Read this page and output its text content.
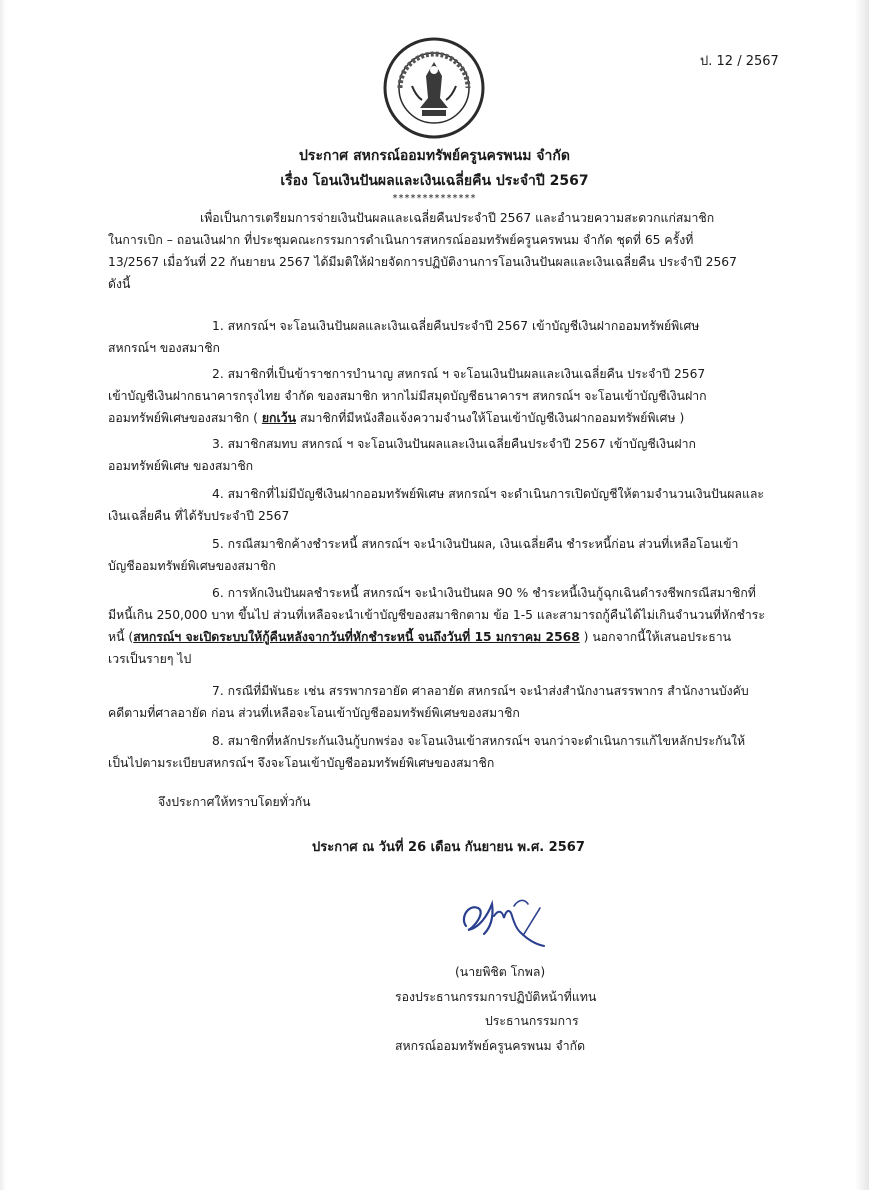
ป. 12 / 2567
ประกาศ สหกรณ์ออมทรัพย์ครูนครพนม จำกัด
เรื่อง โอนเงินปันผลและเงินเฉลี่ยคืน ประจำปี 2567
**************
เพื่อเป็นการเตรียมการจ่ายเงินปันผลและเฉลี่ยคืนประจำปี 2567 และอำนวยความสะดวกแก่สมาชิก
ในการเบิก – ถอนเงินฝาก ที่ประชุมคณะกรรมการดำเนินการสหกรณ์ออมทรัพย์ครูนครพนม จำกัด ชุดที่ 65 ครั้งที่
13/2567 เมื่อวันที่ 22 กันยายน 2567 ได้มีมติให้ฝ่ายจัดการปฏิบัติงานการโอนเงินปันผลและเงินเฉลี่ยคืน ประจำปี 2567
ดังนี้
1. สหกรณ์ฯ จะโอนเงินปันผลและเงินเฉลี่ยคืนประจำปี 2567 เข้าบัญชีเงินฝากออมทรัพย์พิเศษ
สหกรณ์ฯ ของสมาชิก
2. สมาชิกที่เป็นข้าราชการบำนาญ สหกรณ์ ฯ จะโอนเงินปันผลและเงินเฉลี่ยคืน ประจำปี 2567
เข้าบัญชีเงินฝากธนาคารกรุงไทย จำกัด ของสมาชิก หากไม่มีสมุดบัญชีธนาคารฯ สหกรณ์ฯ จะโอนเข้าบัญชีเงินฝาก
ออมทรัพย์พิเศษของสมาชิก ( ยกเว้น สมาชิกที่มีหนังสือแจ้งความจำนงให้โอนเข้าบัญชีเงินฝากออมทรัพย์พิเศษ )
3. สมาชิกสมทบ สหกรณ์ ฯ จะโอนเงินปันผลและเงินเฉลี่ยคืนประจำปี 2567 เข้าบัญชีเงินฝาก
ออมทรัพย์พิเศษ ของสมาชิก
4. สมาชิกที่ไม่มีบัญชีเงินฝากออมทรัพย์พิเศษ สหกรณ์ฯ จะดำเนินการเปิดบัญชีให้ตามจำนวนเงินปันผลและ
เงินเฉลี่ยคืน ที่ได้รับประจำปี 2567
5. กรณีสมาชิกค้างชำระหนี้ สหกรณ์ฯ จะนำเงินปันผล, เงินเฉลี่ยคืน ชำระหนี้ก่อน ส่วนที่เหลือโอนเข้า
บัญชีออมทรัพย์พิเศษของสมาชิก
6. การหักเงินปันผลชำระหนี้ สหกรณ์ฯ จะนำเงินปันผล 90 % ชำระหนี้เงินกู้ฉุกเฉินดำรงชีพกรณีสมาชิกที่
มีหนี้เกิน 250,000 บาท ขึ้นไป ส่วนที่เหลือจะนำเข้าบัญชีของสมาชิกตาม ข้อ 1-5 และสามารถกู้คืนได้ไม่เกินจำนวนที่หักชำระ
หนี้ (สหกรณ์ฯ จะเปิดระบบให้กู้คืนหลังจากวันที่หักชำระหนี้ จนถึงวันที่ 15 มกราคม 2568 ) นอกจากนี้ให้เสนอประธาน
เวรเป็นรายๆ ไป
7. กรณีที่มีพันธะ เช่น สรรพากรอายัด ศาลอายัด สหกรณ์ฯ จะนำส่งสำนักงานสรรพากร สำนักงานบังคับ
คดีตามที่ศาลอายัด ก่อน ส่วนที่เหลือจะโอนเข้าบัญชีออมทรัพย์พิเศษของสมาชิก
8. สมาชิกที่หลักประกันเงินกู้บกพร่อง จะโอนเงินเข้าสหกรณ์ฯ จนกว่าจะดำเนินการแก้ไขหลักประกันให้
เป็นไปตามระเบียบสหกรณ์ฯ จึงจะโอนเข้าบัญชีออมทรัพย์พิเศษของสมาชิก
จึงประกาศให้ทราบโดยทั่วกัน
ประกาศ ณ วันที่ 26 เดือน กันยายน พ.ศ. 2567
(นายพิชิต โกพล)
รองประธานกรรมการปฏิบัติหน้าที่แทน
ประธานกรรมการ
สหกรณ์ออมทรัพย์ครูนครพนม จำกัด
